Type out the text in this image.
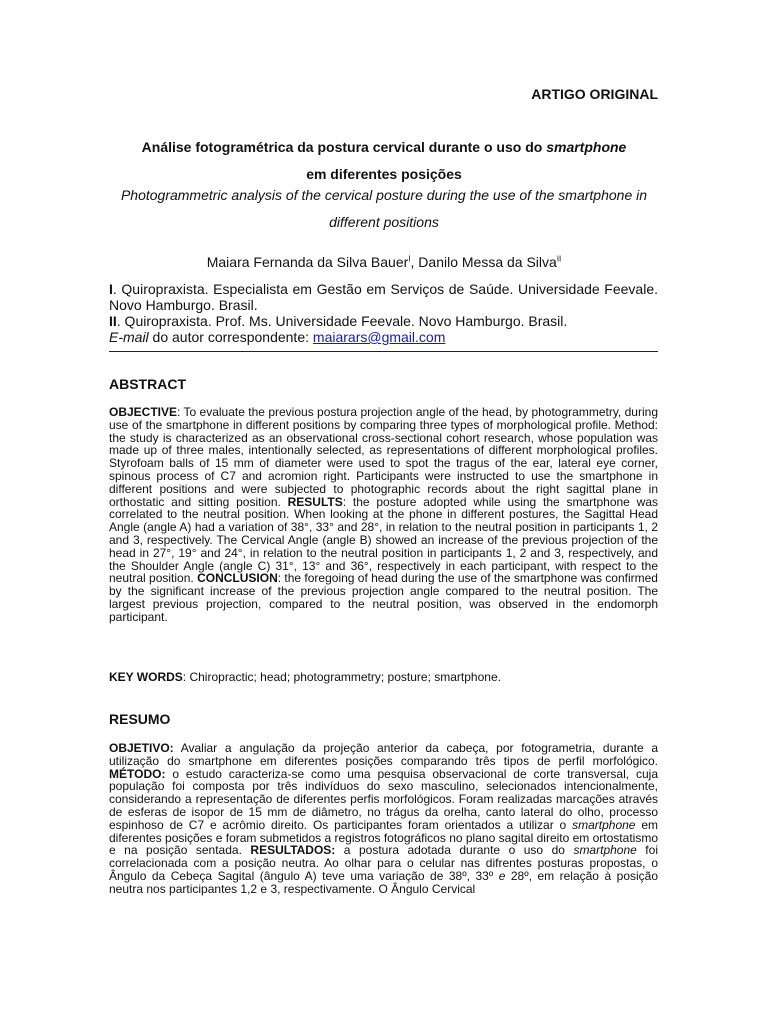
ARTIGO ORIGINAL
Análise fotogramétrica da postura cervical durante o uso do smartphone
em diferentes posições
Photogrammetric analysis of the cervical posture during the use of the smartphone in different positions
Maiara Fernanda da Silva Bauer$^I$, Danilo Messa da Silva$^{II}$

I. Quiropraxista. Especialista em Gestão em Serviços de Saúde. Universidade Feevale. Novo Hamburgo. Brasil.

II. Quiropraxista. Prof. Ms. Universidade Feevale. Novo Hamburgo. Brasil.

E-mail do autor correspondente: maiarars@gmail.com

ABSTRACT

OBJECTIVE: To evaluate the previous postura projection angle of the head, by photogrammetry, during use of the smartphone in different positions by comparing three types of morphological profile. Method: the study is characterized as an observational cross-sectional cohort research, whose population was made up of three males, intentionally selected, as representations of different morphological profiles. Styrofoam balls of 15 mm of diameter were used to spot the tragus of the ear, lateral eye corner, spinous process of C7 and acromion right. Participants were instructed to use the smartphone in different positions and were subjected to photographic records about the right sagittal plane in orthostatic and sitting position. RESULTS: the posture adopted while using the smartphone was correlated to the neutral position. When looking at the phone in different postures, the Sagittal Head Angle (angle A) had a variation of 38°, 33° and 28°, in relation to the neutral position in participants 1, 2 and 3, respectively. The Cervical Angle (angle B) showed an increase of the previous projection of the head in 27°, 19° and 24°, in relation to the neutral position in participants 1, 2 and 3, respectively, and the Shoulder Angle (angle C) 31°, 13° and 36°, respectively in each participant, with respect to the neutral position. CONCLUSION: the foregoing of head during the use of the smartphone was confirmed by the significant increase of the previous projection angle compared to the neutral position. The largest previous projection, compared to the neutral position, was observed in the endomorph participant.

KEY WORDS: Chiropractic; head; photogrammetry; posture; smartphone.

RESUMO

OBJETIVO: Avaliar a angulação da projeção anterior da cabeça, por fotogrametria, durante a utilização do smartphone em diferentes posições comparando três tipos de perfil morfológico. MÉTODO: o estudo caracteriza-se como uma pesquisa observacional de corte transversal, cuja população foi composta por três indivíduos do sexo masculino, selecionados intencionalmente, considerando a representação de diferentes perfis morfológicos. Foram realizadas marcações através de esferas de isopor de 15 mm de diâmetro, no trágus da orelha, canto lateral do olho, processo espinhoso de C7 e acrômio direito. Os participantes foram orientados a utilizar o smartphone em diferentes posições e foram submetidos a registros fotográficos no plano sagital direito em ortostatismo e na posição sentada. RESULTADOS: a postura adotada durante o uso do smartphone foi correlacionada com a posição neutra. Ao olhar para o celular nas difrentes posturas propostas, o Ângulo da Cebeça Sagital (ângulo A) teve uma variação de 38º, 33º e 28º, em relação à posição neutra nos participantes 1,2 e 3, respectivamente. O Ângulo Cervical
